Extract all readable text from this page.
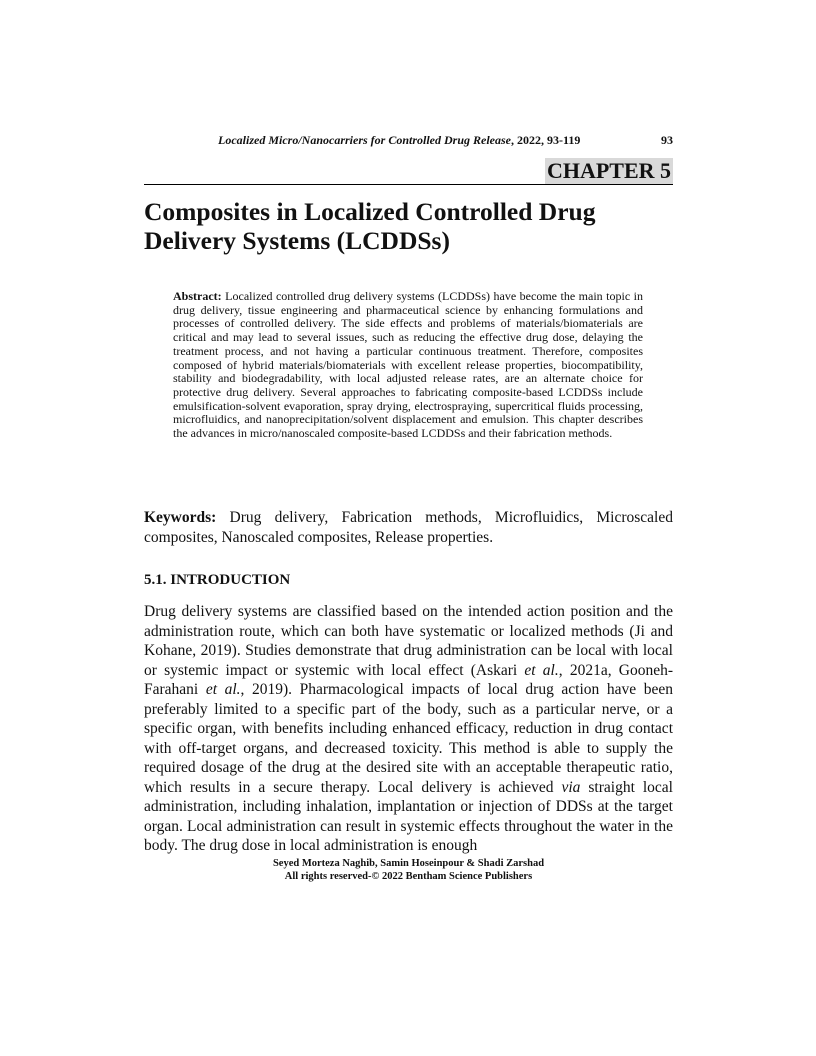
Localized Micro/Nanocarriers for Controlled Drug Release, 2022, 93-119	93
CHAPTER 5
Composites in Localized Controlled Drug Delivery Systems (LCDDSs)

Abstract: Localized controlled drug delivery systems (LCDDSs) have become the main topic in drug delivery, tissue engineering and pharmaceutical science by enhancing formulations and processes of controlled delivery. The side effects and problems of materials/biomaterials are critical and may lead to several issues, such as reducing the effective drug dose, delaying the treatment process, and not having a particular continuous treatment. Therefore, composites composed of hybrid materials/biomaterials with excellent release properties, biocompatibility, stability and biodegradability, with local adjusted release rates, are an alternate choice for protective drug delivery. Several approaches to fabricating composite-based LCDDSs include emulsification-solvent evaporation, spray drying, electrospraying, supercritical fluids processing, microfluidics, and nanoprecipitation/solvent displacement and emulsion. This chapter describes the advances in micro/nanoscaled composite-based LCDDSs and their fabrication methods.

Keywords: Drug delivery, Fabrication methods, Microfluidics, Microscaled composites, Nanoscaled composites, Release properties.

5.1. INTRODUCTION

Drug delivery systems are classified based on the intended action position and the administration route, which can both have systematic or localized methods (Ji and Kohane, 2019). Studies demonstrate that drug administration can be local with local or systemic impact or systemic with local effect (Askari et al., 2021a, Gooneh-Farahani et al., 2019). Pharmacological impacts of local drug action have been preferably limited to a specific part of the body, such as a particular nerve, or a specific organ, with benefits including enhanced efficacy, reduction in drug contact with off-target organs, and decreased toxicity. This method is able to supply the required dosage of the drug at the desired site with an acceptable therapeutic ratio, which results in a secure therapy. Local delivery is achieved via straight local administration, including inhalation, implantation or injection of DDSs at the target organ. Local administration can result in systemic effects throughout the water in the body. The drug dose in local administration is enough

Seyed Morteza Naghib, Samin Hoseinpour & Shadi Zarshad
All rights reserved-© 2022 Bentham Science Publishers
